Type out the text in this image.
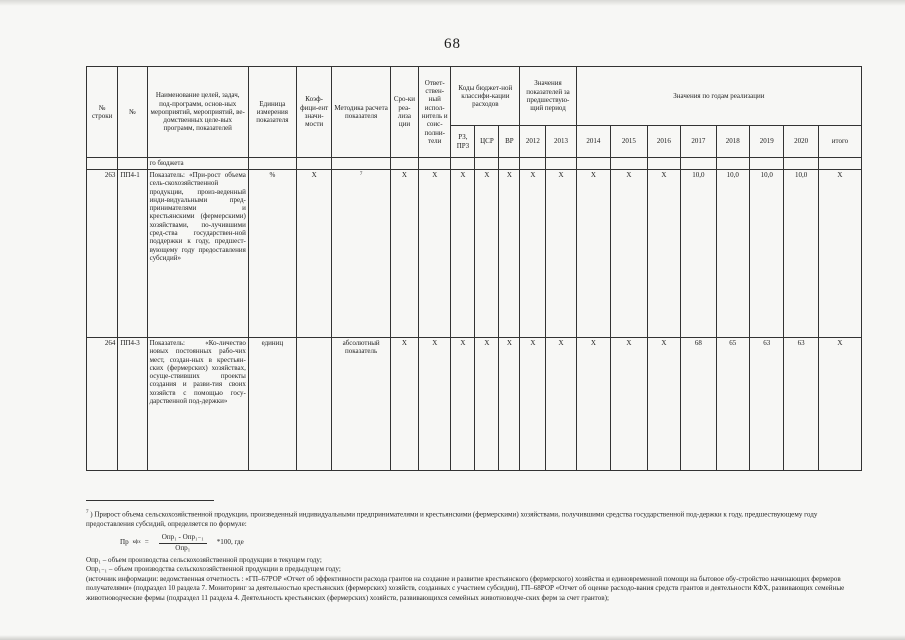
68
№ строки	№	Наименование целей, задач, под-программ, основ-ных мероприятий, мероприятий, ве-домственных целе-вых программ, показателей	Единица измерения показателя	Коэф-фици-ент значи-мости	Методика расчета показателя	Сро-ки реа-лиза ции	Ответ-ствен-ный испол-нитель и соис-полни-тели	Коды бюджет-ной классифи-кации расходов			Значения показателей за предшествую-щий период		Значения по годам реализации							
								РЗ, ПР3	ЦСР	ВР	2012	2013	2014	2015	2016	2017	2018	2019	2020	итого
		го бюджета																		
263	ПП4-1	Показатель: «При-рост объема сель-скохозяйственной продукции, произ-веденный инди-видуальными пред-принимателями и крестьянскими (фермерскими) хозяйствами, по-лучившими сред-ства государствен-ной поддержки к году, предшест-вующему году предоставления субсидий»	%	X	$^7$	X	X	X	X	X	X	X	X	X	X	10,0	10,0	10,0	10,0	X
264	ПП4-3	Показатель: «Ко-личество новых постоянных рабо-чих мест, создан-ных в крестьян-ских (фермерских) хозяйствах, осуще-ствивших проекты создания и разви-тия своих хозяйств с помощью госу-дарственной под-держки»	единиц		абсолютный показатель	X	X	X	X	X	X	X	X	X	X	68	65	63	63	X

$^7$ ) Прирост объема сельскохозяйственной продукции, произведенный индивидуальными предпринимателями и крестьянскими (фермерскими) хозяйствами, получившими средства государственной под-держки к году, предшествующему году предоставления субсидий, определяется по формуле:

Пр кфх = $\frac{\text{Опр₁ - Опр₁₋₁}}{\text{Опр₁}} *100$, где

Опр₁ – объем производства сельскохозяйственной продукции в текущем году;

Опр₁₋₁ – объем производства сельскохозяйственной продукции в предыдущем году;

(источник информации: ведомственная отчетность : «ГП–67РОР «Отчет об эффективности расхода грантов на создание и развитие крестьянского (фермерского) хозяйства и единовременной помощи на бытовое обу-стройство начинающих фермеров получателями» (подраздел 10 раздела 7. Мониторинг за деятельностью крестьянских (фермерских) хозяйств, созданных с участием субсидии), ГП–68РОР «Отчет об оценке расходо-вания средств грантов и деятельности КФХ, развивающих семейные животноводческие фермы (подраздел 11 раздела 4. Деятельность крестьянских (фермерских) хозяйств, развивающихся семейных животноводче-ских ферм за счет грантов);
